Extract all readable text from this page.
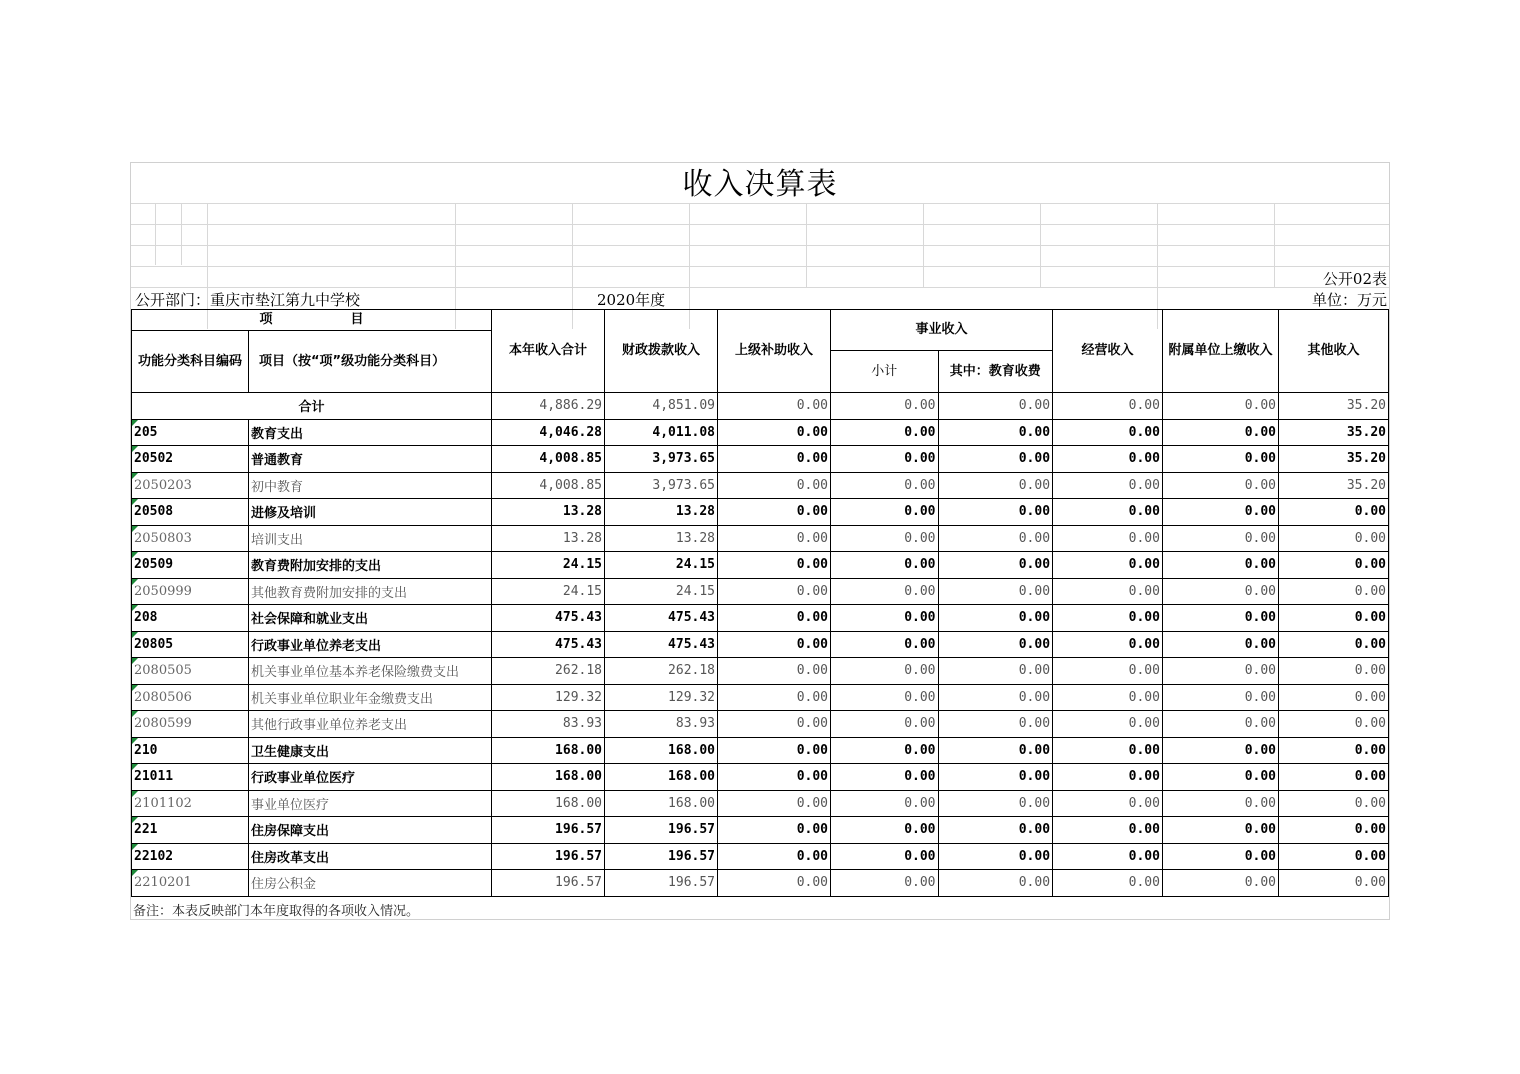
收入决算表
公开02表
公开部门：重庆市垫江第九中学校	2020年度	单位：万元
项　　　　　　目		本年收入合计	财政拨款收入	上级补助收入	事业收入		经营收入	附属单位上缴收入	其他收入
功能分类科目编码	项目（按“项”级功能分类科目）								
					小计	其中：教育收费			
合计		4,886.29	4,851.09	0.00	0.00	0.00	0.00	0.00	35.20
205	教育支出	4,046.28	4,011.08	0.00	0.00	0.00	0.00	0.00	35.20
20502	普通教育	4,008.85	3,973.65	0.00	0.00	0.00	0.00	0.00	35.20
2050203	初中教育	4,008.85	3,973.65	0.00	0.00	0.00	0.00	0.00	35.20
20508	进修及培训	13.28	13.28	0.00	0.00	0.00	0.00	0.00	0.00
2050803	培训支出	13.28	13.28	0.00	0.00	0.00	0.00	0.00	0.00
20509	教育费附加安排的支出	24.15	24.15	0.00	0.00	0.00	0.00	0.00	0.00
2050999	其他教育费附加安排的支出	24.15	24.15	0.00	0.00	0.00	0.00	0.00	0.00
208	社会保障和就业支出	475.43	475.43	0.00	0.00	0.00	0.00	0.00	0.00
20805	行政事业单位养老支出	475.43	475.43	0.00	0.00	0.00	0.00	0.00	0.00
2080505	机关事业单位基本养老保险缴费支出	262.18	262.18	0.00	0.00	0.00	0.00	0.00	0.00
2080506	机关事业单位职业年金缴费支出	129.32	129.32	0.00	0.00	0.00	0.00	0.00	0.00
2080599	其他行政事业单位养老支出	83.93	83.93	0.00	0.00	0.00	0.00	0.00	0.00
210	卫生健康支出	168.00	168.00	0.00	0.00	0.00	0.00	0.00	0.00
21011	行政事业单位医疗	168.00	168.00	0.00	0.00	0.00	0.00	0.00	0.00
2101102	事业单位医疗	168.00	168.00	0.00	0.00	0.00	0.00	0.00	0.00
221	住房保障支出	196.57	196.57	0.00	0.00	0.00	0.00	0.00	0.00
22102	住房改革支出	196.57	196.57	0.00	0.00	0.00	0.00	0.00	0.00
2210201	住房公积金	196.57	196.57	0.00	0.00	0.00	0.00	0.00	0.00
备注：本表反映部门本年度取得的各项收入情况。
